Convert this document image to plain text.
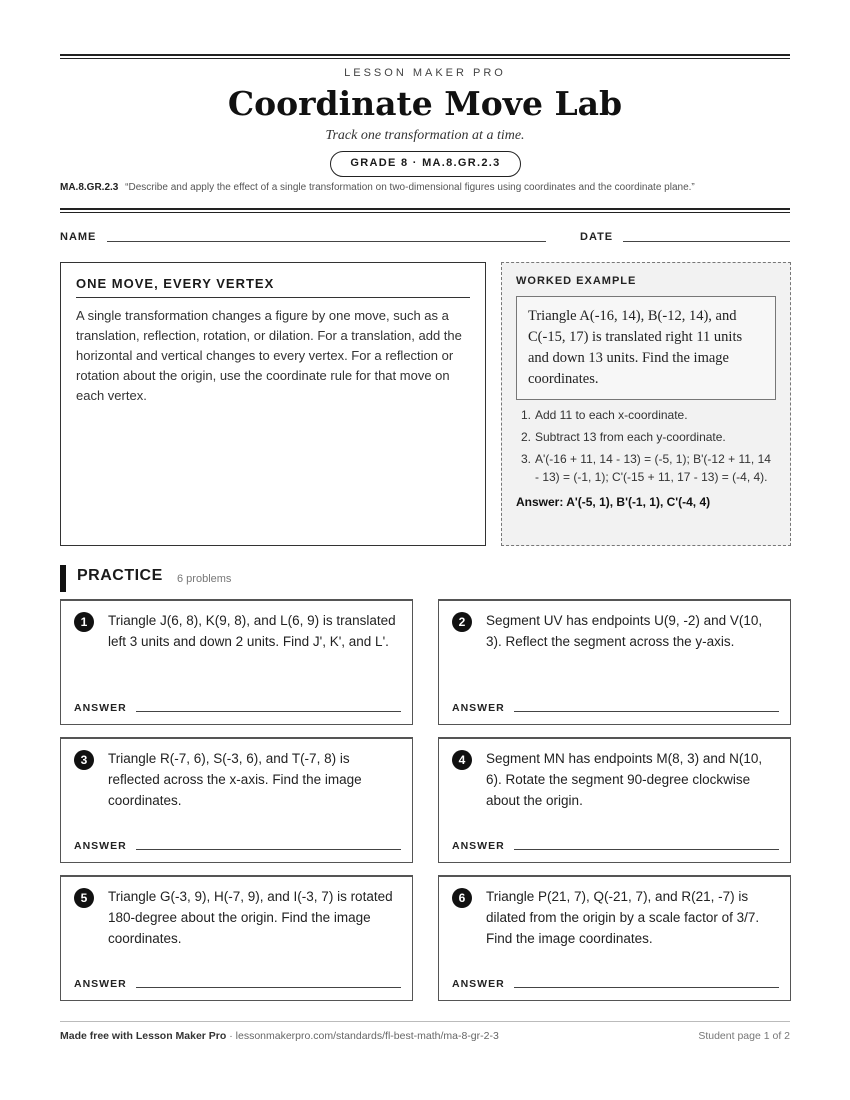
LESSON MAKER PRO
Coordinate Move Lab
Track one transformation at a time.
GRADE 8 · MA.8.GR.2.3
MA.8.GR.2.3 “Describe and apply the effect of a single transformation on two-dimensional figures using coordinates and the coordinate plane.”
NAME	DATE
ONE MOVE, EVERY VERTEX
A single transformation changes a figure by one move, such as a translation, reflection, rotation, or dilation. For a translation, add the horizontal and vertical changes to every vertex. For a reflection or rotation about the origin, use the coordinate rule for that move on each vertex.
WORKED EXAMPLE
Triangle A(-16, 14), B(-12, 14), and C(-15, 17) is translated right 11 units and down 13 units. Find the image coordinates.
1. Add 11 to each x-coordinate.
2. Subtract 13 from each y-coordinate.
3. A'(-16 + 11, 14 - 13) = (-5, 1); B'(-12 + 11, 14 - 13) = (-1, 1); C'(-15 + 11, 17 - 13) = (-4, 4).
Answer: A'(-5, 1), B'(-1, 1), C'(-4, 4)
PRACTICE 6 problems
1	Triangle J(6, 8), K(9, 8), and L(6, 9) is translated left 3 units and down 2 units. Find J', K', and L'.
ANSWER
2	Segment UV has endpoints U(9, -2) and V(10, 3). Reflect the segment across the y-axis.
ANSWER
3	Triangle R(-7, 6), S(-3, 6), and T(-7, 8) is reflected across the x-axis. Find the image coordinates.
ANSWER
4	Segment MN has endpoints M(8, 3) and N(10, 6). Rotate the segment 90-degree clockwise about the origin.
ANSWER
5	Triangle G(-3, 9), H(-7, 9), and I(-3, 7) is rotated 180-degree about the origin. Find the image coordinates.
ANSWER
6	Triangle P(21, 7), Q(-21, 7), and R(21, -7) is dilated from the origin by a scale factor of 3/7. Find the image coordinates.
ANSWER
Made free with Lesson Maker Pro · lessonmakerpro.com/standards/fl-best-math/ma-8-gr-2-3	Student page 1 of 2
